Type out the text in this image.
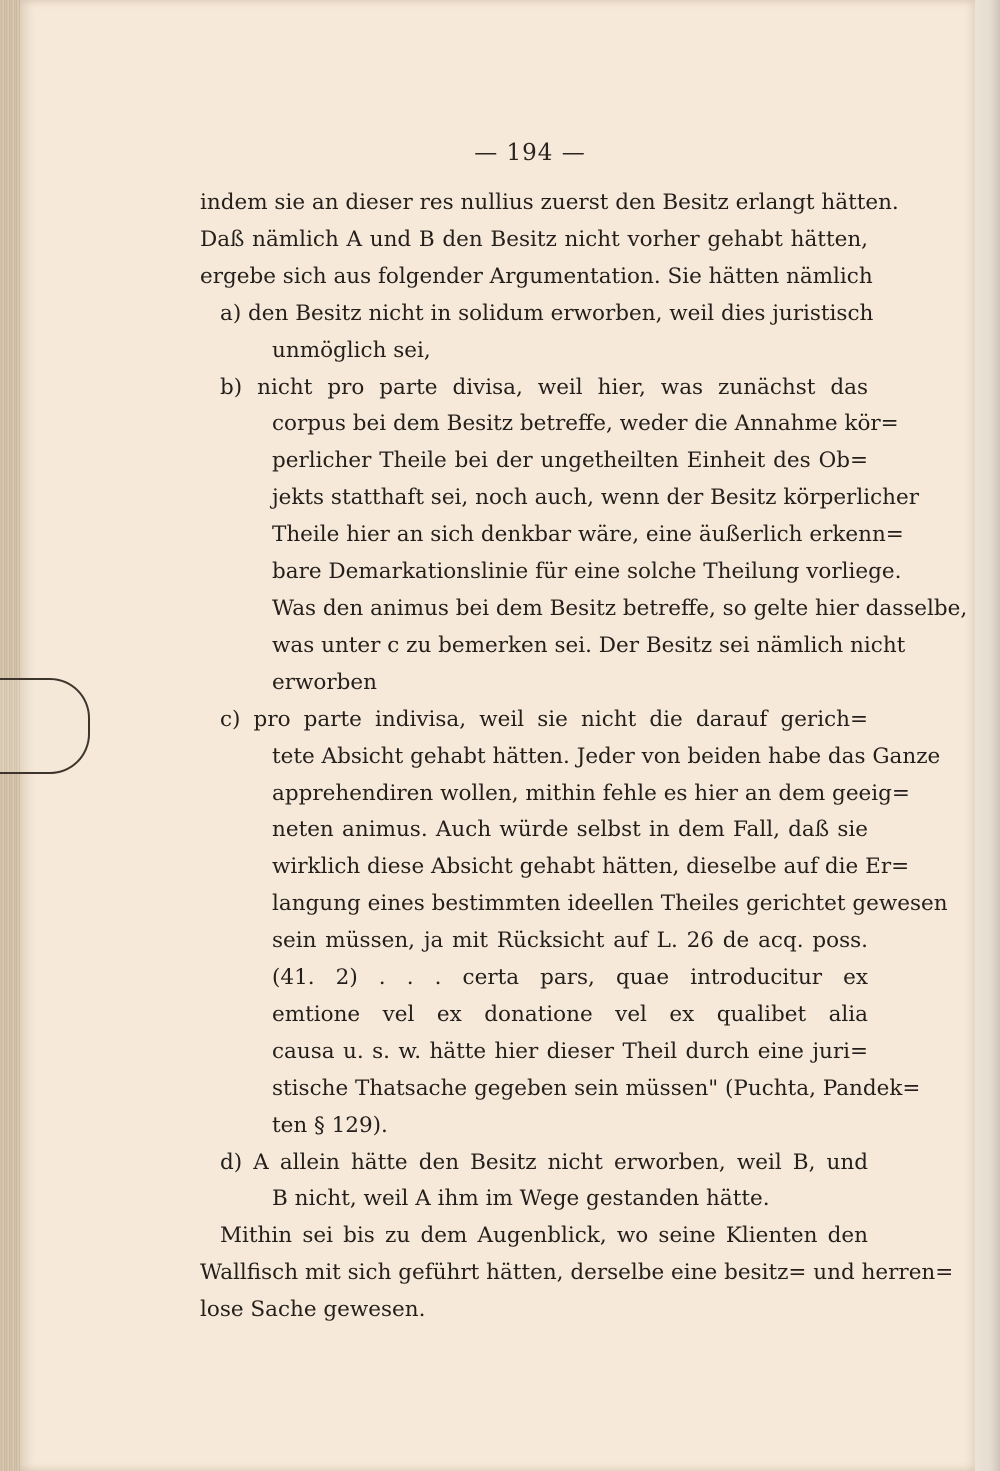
— 194 —
indem sie an dieser res nullius zuerst den Besitz erlangt hätten.
Daß nämlich A und B den Besitz nicht vorher gehabt hätten,
ergebe sich aus folgender Argumentation. Sie hätten nämlich
a) den Besitz nicht in solidum erworben, weil dies juristisch
unmöglich sei,
b) nicht pro parte divisa, weil hier, was zunächst das
corpus bei dem Besitz betreffe, weder die Annahme kör=
perlicher Theile bei der ungetheilten Einheit des Ob=
jekts statthaft sei, noch auch, wenn der Besitz körperlicher
Theile hier an sich denkbar wäre, eine äußerlich erkenn=
bare Demarkationslinie für eine solche Theilung vorliege.
Was den animus bei dem Besitz betreffe, so gelte hier dasselbe,
was unter c zu bemerken sei. Der Besitz sei nämlich nicht
erworben
c) pro parte indivisa, weil sie nicht die darauf gerich=
tete Absicht gehabt hätten. Jeder von beiden habe das Ganze
apprehendiren wollen, mithin fehle es hier an dem geeig=
neten animus. Auch würde selbst in dem Fall, daß sie
wirklich diese Absicht gehabt hätten, dieselbe auf die Er=
langung eines bestimmten ideellen Theiles gerichtet gewesen
sein müssen, ja mit Rücksicht auf L. 26 de acq. poss.
(41. 2) . . . certa pars, quae introducitur ex
emtione vel ex donatione vel ex qualibet alia
causa u. s. w. hätte hier dieser Theil durch eine juri=
stische Thatsache gegeben sein müssen" (Puchta, Pandek=
ten § 129).
d) A allein hätte den Besitz nicht erworben, weil B, und
B nicht, weil A ihm im Wege gestanden hätte.
Mithin sei bis zu dem Augenblick, wo seine Klienten den
Wallfisch mit sich geführt hätten, derselbe eine besitz= und herren=
lose Sache gewesen.
